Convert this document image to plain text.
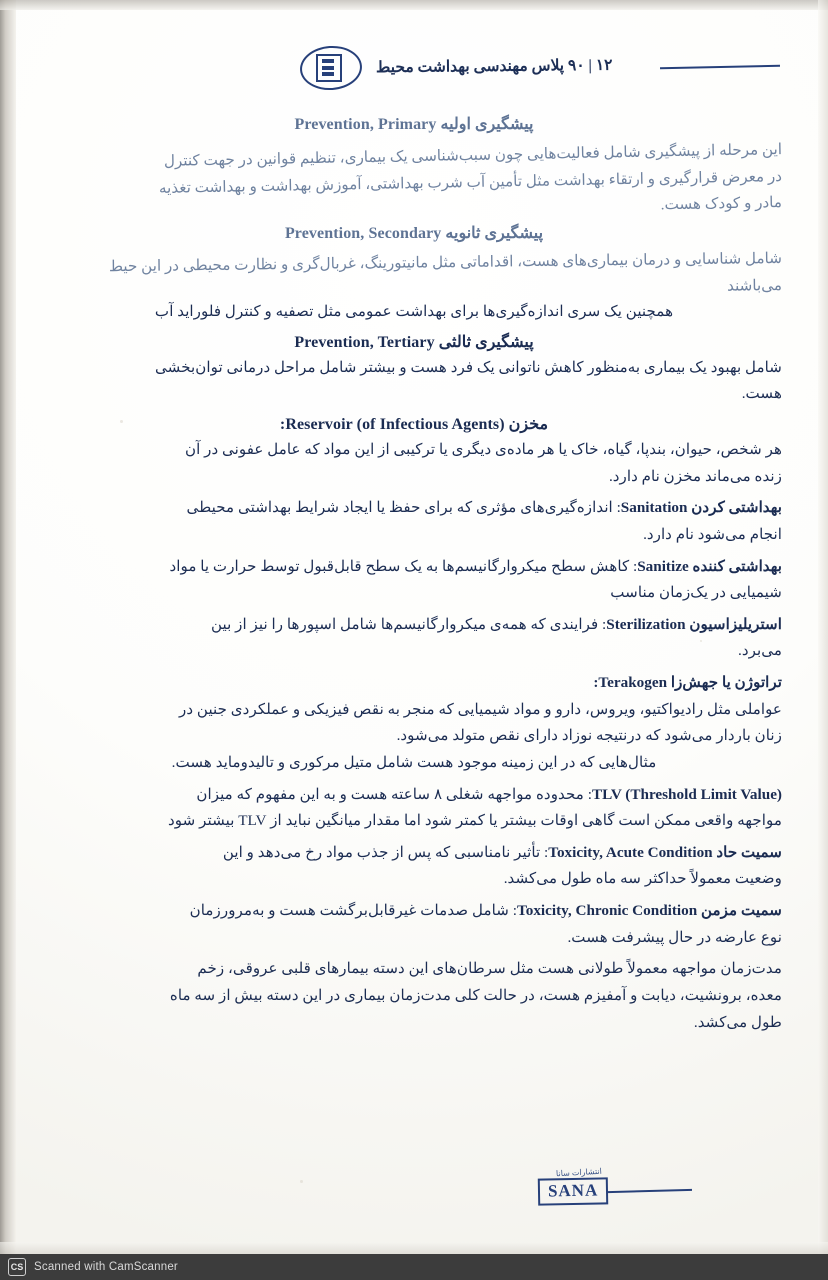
۱۲ | ۹۰ پلاس مهندسی بهداشت محیط
پیشگیری اولیه Prevention, Primary
این مرحله از پیشگیری شامل فعالیت‌هایی چون سبب‌شناسی یک بیماری، تنظیم قوانین در جهت کنترل
در معرض قرارگیری و ارتقاء بهداشت مثل تأمین آب شرب بهداشتی، آموزش بهداشت و بهداشت تغذیه
مادر و کودک هست.
پیشگیری ثانویه Prevention, Secondary
شامل شناسایی و درمان بیماری‌های هست، اقداماتی مثل مانیتورینگ، غربال‌گری و نظارت محیطی در این حیط
می‌باشند
همچنین یک سری اندازه‌گیری‌ها برای بهداشت عمومی مثل تصفیه و کنترل فلوراید آب
پیشگیری ثالثی Prevention, Tertiary
شامل بهبود یک بیماری به‌منظور کاهش ناتوانی یک فرد هست و بیشتر شامل مراحل درمانی توان‌بخشی
هست.
مخزن Reservoir (of Infectious Agents):
هر شخص، حیوان، بندپا، گیاه، خاک یا هر ماده‌ی دیگری یا ترکیبی از این مواد که عامل عفونی در آن
زنده می‌ماند مخزن نام دارد.
بهداشتی کردن Sanitation: اندازه‌گیری‌های مؤثری که برای حفظ یا ایجاد شرایط بهداشتی محیطی
انجام می‌شود نام دارد.
بهداشتی کننده Sanitize: کاهش سطح میکروارگانیسم‌ها به یک سطح قابل‌قبول توسط حرارت یا مواد
شیمیایی در یک‌زمان مناسب
استریلیزاسیون Sterilization: فرایندی که همه‌ی میکروارگانیسم‌ها شامل اسپورها را نیز از بین
می‌برد.
تراتوژن یا جهش‌زا Terakogen:
عواملی مثل رادیواکتیو، ویروس، دارو و مواد شیمیایی که منجر به نقص فیزیکی و عملکردی جنین در
زنان باردار می‌شود که درنتیجه نوزاد دارای نقص متولد می‌شود.
مثال‌هایی که در این زمینه موجود هست شامل متیل مرکوری و تالیدوماید هست.
TLV (Threshold Limit Value): محدوده مواجهه شغلی ۸ ساعته هست و به این مفهوم که میزان
مواجهه واقعی ممکن است گاهی اوقات بیشتر یا کمتر شود اما مقدار میانگین نباید از TLV بیشتر شود
سمیت حاد Toxicity, Acute Condition: تأثیر نامناسبی که پس از جذب مواد رخ می‌دهد و این
وضعیت معمولاً حداکثر سه ماه طول می‌کشد.
سمیت مزمن Toxicity, Chronic Condition: شامل صدمات غیرقابل‌برگشت هست و به‌مرورزمان
نوع عارضه در حال پیشرفت هست.
مدت‌زمان مواجهه معمولاً طولانی هست مثل سرطان‌های این دسته بیمارهای قلبی عروقی، زخم
معده، برونشیت، دیابت و آمفیزم هست، در حالت کلی مدت‌زمان بیماری در این دسته بیش از سه ماه
طول می‌کشد.
انتشارات سانا
SANA
CS Scanned with CamScanner
